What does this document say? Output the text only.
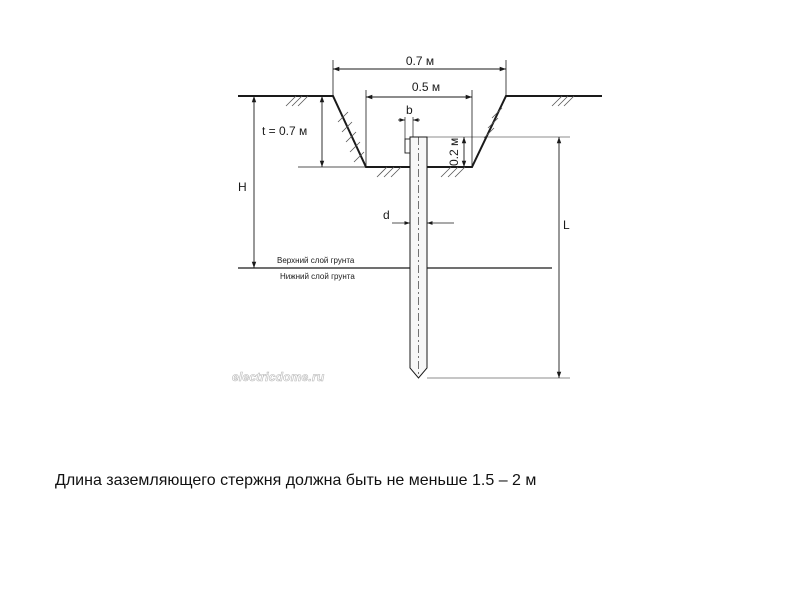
0.7 м
0.5 м
t = 0.7 м
H
Верхний слой грунта
Нижний слой грунта
b
0.2 м
d
L
electricdome.ru
Длина заземляющего стержня должна быть не меньше 1.5 – 2 м
